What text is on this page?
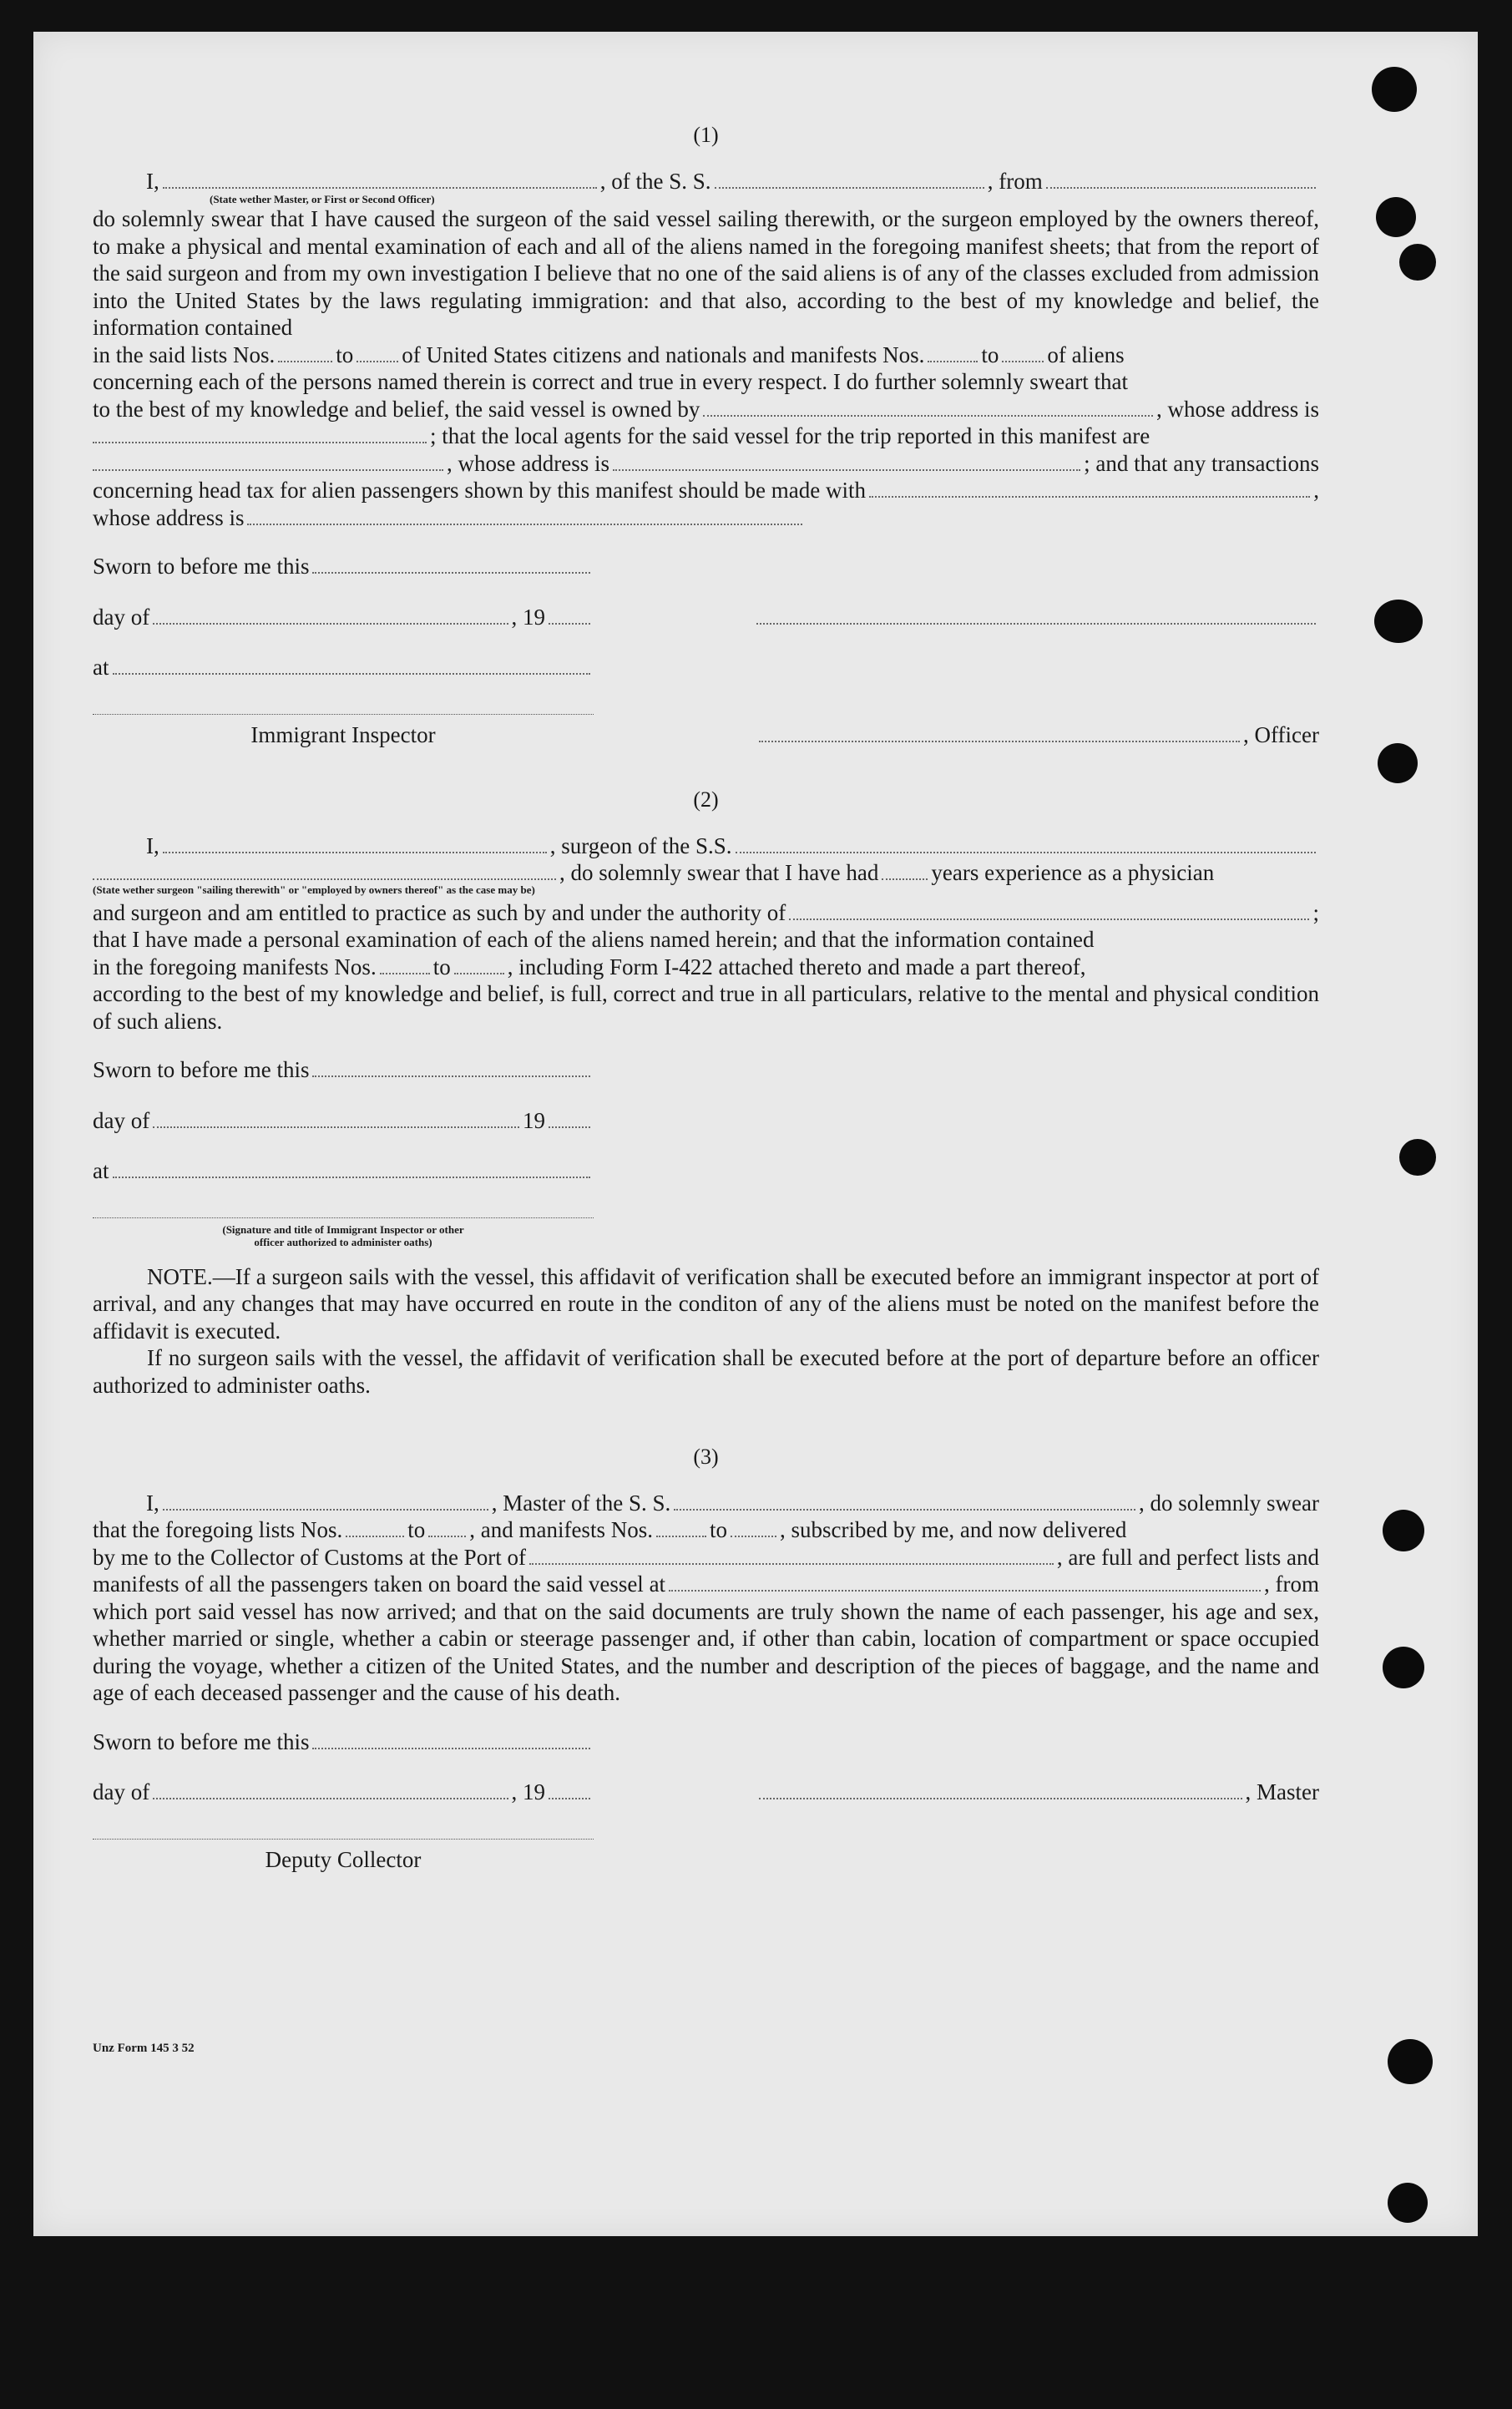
(1)
I,	, of the S. S.	, from
(State wether Master, or First or Second Officer)

do solemnly swear that I have caused the surgeon of the said vessel sailing therewith, or the surgeon employed by the owners thereof, to make a physical and mental examination of each and all of the aliens named in the foregoing manifest sheets; that from the report of the said surgeon and from my own investigation I believe that no one of the said aliens is of any of the classes excluded from admission into the United States by the laws regulating immigration: and that also, according to the best of my knowledge and belief, the information contained

in the said lists Nos.	to of United States citizens and nationals and manifests Nos.	to of aliens
concerning each of the persons named therein is correct and true in every respect. I do further solemnly sweart that
to the best of my knowledge and belief, the said vessel is owned by	, whose address is
; that the local agents for the said vessel for the trip reported in this manifest are
, whose address is	; and that any transactions
concerning head tax for alien passengers shown by this manifest should be made with	,
whose address is
Sworn to before me this
day of	, 19
at
Immigrant Inspector	, Officer
(2)
I,	, surgeon of the S.S.
, do solemnly swear that I have had years experience as a physician
(State wether surgeon "sailing therewith" or "employed by owners thereof" as the case may be)
and surgeon and am entitled to practice as such by and under the authority of	;
that I have made a personal examination of each of the aliens named herein; and that the information contained
in the foregoing manifests Nos.	to	, including Form I-422 attached thereto and made a part thereof,

according to the best of my knowledge and belief, is full, correct and true in all particulars, relative to the mental and physical condition of such aliens.

Sworn to before me this
day of	19
at
(Signature and title of Immigrant Inspector or other
officer authorized to administer oaths)

NOTE.—If a surgeon sails with the vessel, this affidavit of verification shall be executed before an immigrant inspector at port of arrival, and any changes that may have occurred en route in the conditon of any of the aliens must be noted on the manifest before the affidavit is executed.

If no surgeon sails with the vessel, the affidavit of verification shall be executed before at the port of departure before an officer authorized to administer oaths.

(3)
I,	, Master of the S. S.	, do solemnly swear
that the foregoing lists Nos.	to , and manifests Nos.	to , subscribed by me, and now delivered
by me to the Collector of Customs at the Port of	, are full and perfect lists and
manifests of all the passengers taken on board the said vessel at	, from

which port said vessel has now arrived; and that on the said documents are truly shown the name of each passenger, his age and sex, whether married or single, whether a cabin or steerage passenger and, if other than cabin, location of compartment or space occupied during the voyage, whether a citizen of the United States, and the number and description of the pieces of baggage, and the name and age of each deceased passenger and the cause of his death.

Sworn to before me this
day of	, 19	, Master
Deputy Collector
Unz Form 145 3 52
